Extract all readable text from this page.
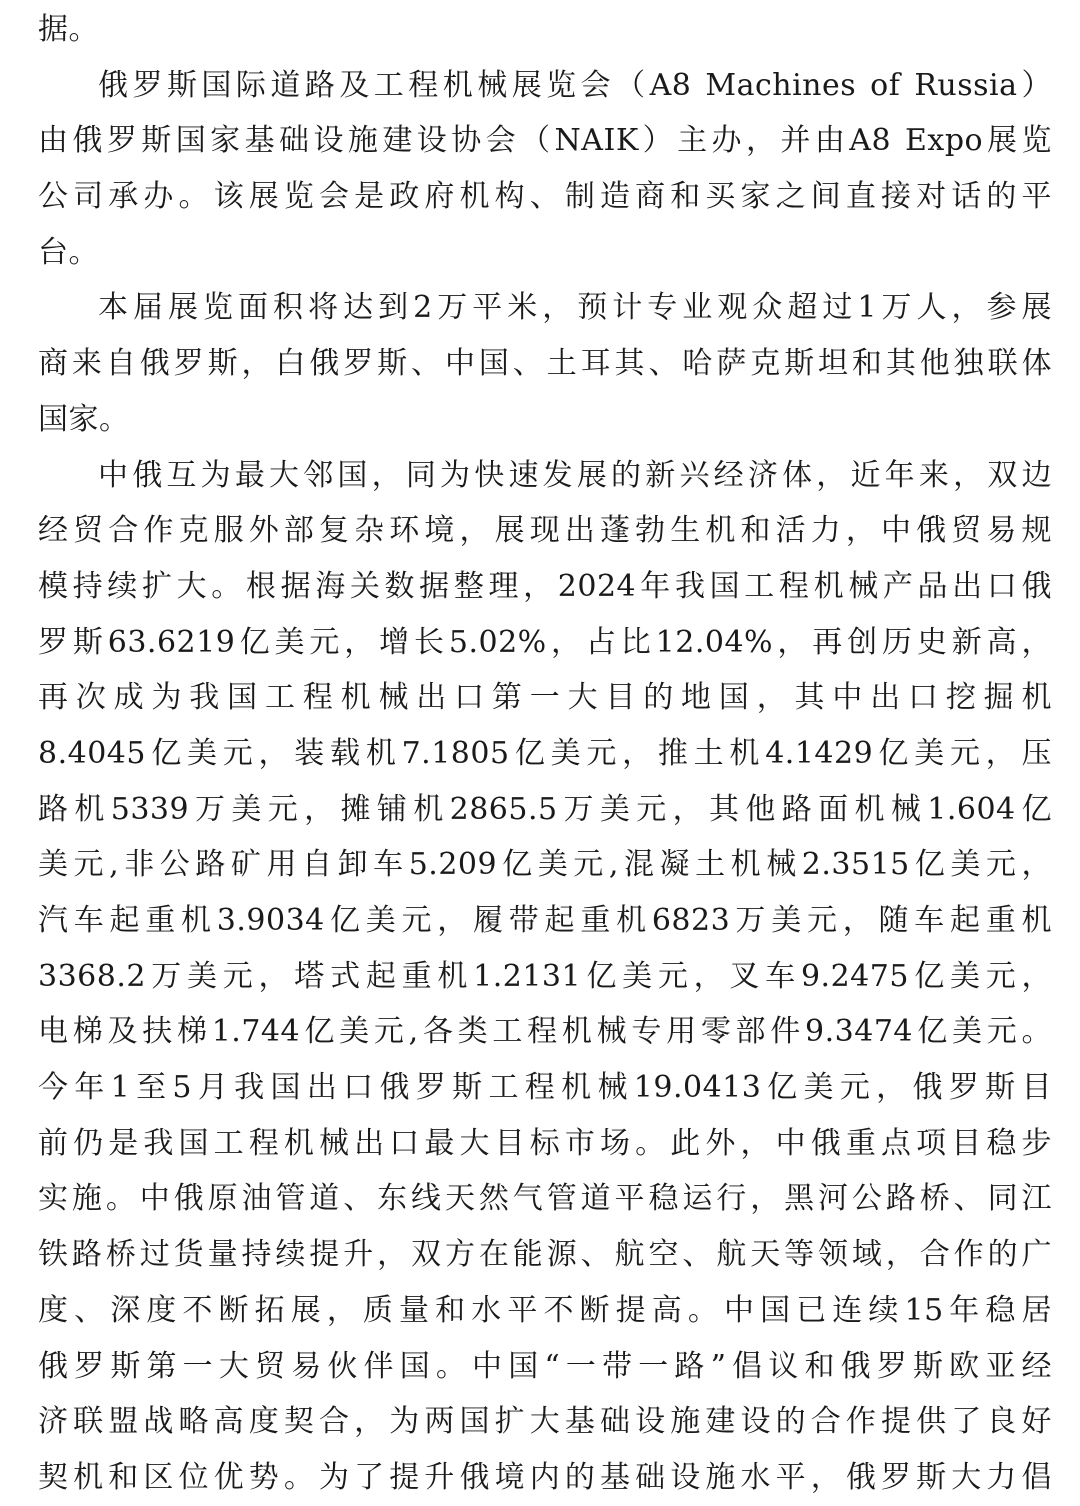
据。
俄罗斯国际道路及工程机械展览会（A8 Machines of Russia）
由俄罗斯国家基础设施建设协会（NAIK）主办，并由A8 Expo展览
公司承办。该展览会是政府机构、制造商和买家之间直接对话的平
台。
本届展览面积将达到2万平米，预计专业观众超过1万人，参展
商来自俄罗斯，白俄罗斯、中国、土耳其、哈萨克斯坦和其他独联体
国家。
中俄互为最大邻国，同为快速发展的新兴经济体，近年来，双边
经贸合作克服外部复杂环境，展现出蓬勃生机和活力，中俄贸易规
模持续扩大。根据海关数据整理，2024年我国工程机械产品出口俄
罗斯63.6219亿美元，增长5.02%，占比12.04%，再创历史新高，
再次成为我国工程机械出口第一大目的地国，其中出口挖掘机
8.4045亿美元，装载机7.1805亿美元，推土机4.1429亿美元，压
路机5339万美元，摊铺机2865.5万美元，其他路面机械1.604亿
美元,非公路矿用自卸车5.209亿美元,混凝土机械2.3515亿美元，
汽车起重机3.9034亿美元，履带起重机6823万美元，随车起重机
3368.2万美元，塔式起重机1.2131亿美元，叉车9.2475亿美元，
电梯及扶梯1.744亿美元,各类工程机械专用零部件9.3474亿美元。
今年1至5月我国出口俄罗斯工程机械19.0413亿美元，俄罗斯目
前仍是我国工程机械出口最大目标市场。此外，中俄重点项目稳步
实施。中俄原油管道、东线天然气管道平稳运行，黑河公路桥、同江
铁路桥过货量持续提升，双方在能源、航空、航天等领域，合作的广
度、深度不断拓展，质量和水平不断提高。中国已连续15年稳居
俄罗斯第一大贸易伙伴国。中国“一带一路”倡议和俄罗斯欧亚经
济联盟战略高度契合，为两国扩大基础设施建设的合作提供了良好
契机和区位优势。为了提升俄境内的基础设施水平，俄罗斯大力倡
